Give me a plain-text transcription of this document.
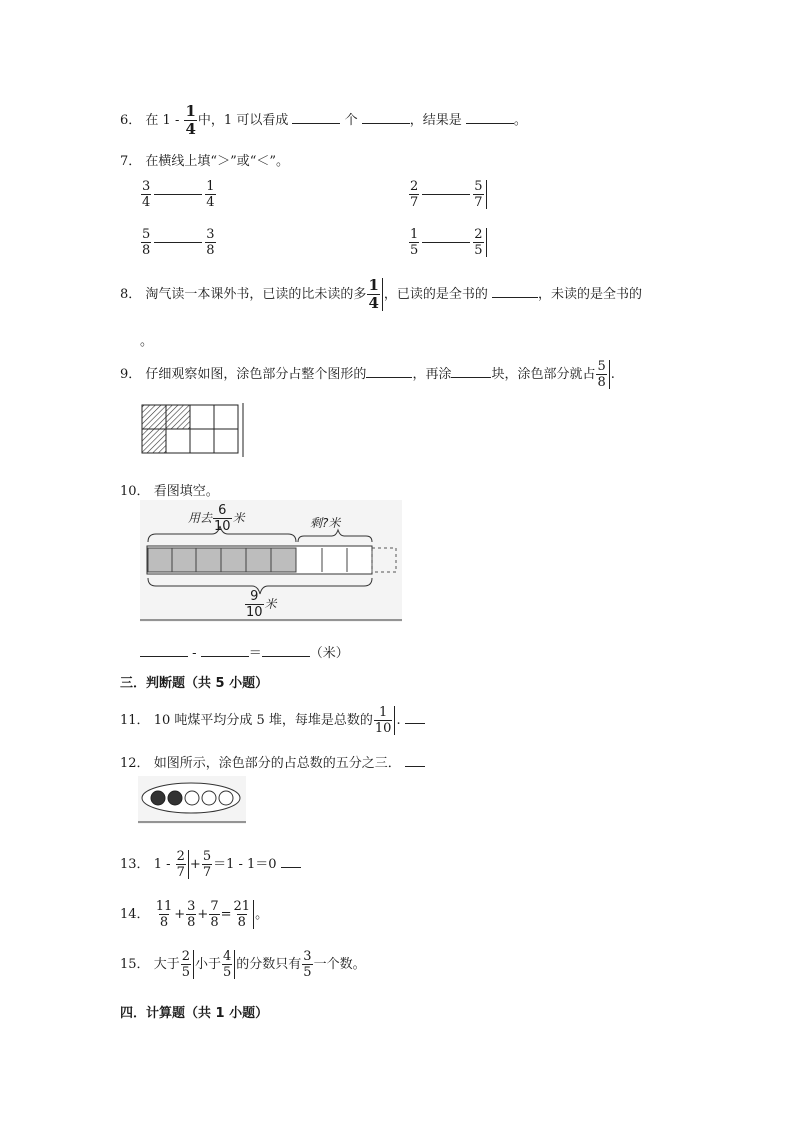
6． 在 $1 - \frac{1}{4}$ 中，1 可以看成	个	，结果是	。
7． 在横线上填“＞”或“＜”。
$\frac{3}{4}$	$\frac{1}{4}$	$\frac{2}{7}$	$\frac{5}{7}$
$\frac{5}{8}$	$\frac{3}{8}$	$\frac{1}{5}$	$\frac{2}{5}$
8． 淘气读一本课外书，已读的比未读的多 $\frac{1}{4}$ ，已读的是全书的	，未读的是全书的
。
9． 仔细观察如图，涂色部分占整个图形的	，再涂	块，涂色部分就占 $\frac{5}{8}$ .
10． 看图填空。
用去 $\frac{6}{10}$ 米	剩?米
$\frac{9}{10}$ 米
-	＝	（米）
三．判断题（共 5 小题）
11． 10 吨煤平均分成 5 堆，每堆是总数的 $\frac{1}{10}$ .
12． 如图所示，涂色部分的占总数的五分之三．
13． $1 - \frac{2}{7} + \frac{5}{7} =1 - 1=0$
14． $\frac{11}{8} + \frac{3}{8} + \frac{7}{8} = \frac{21}{8}$ 。
15． 大于 $\frac{2}{5}$ 小于 $\frac{4}{5}$ 的分数只有 $\frac{3}{5}$ 一个数。
四．计算题（共 1 小题）
